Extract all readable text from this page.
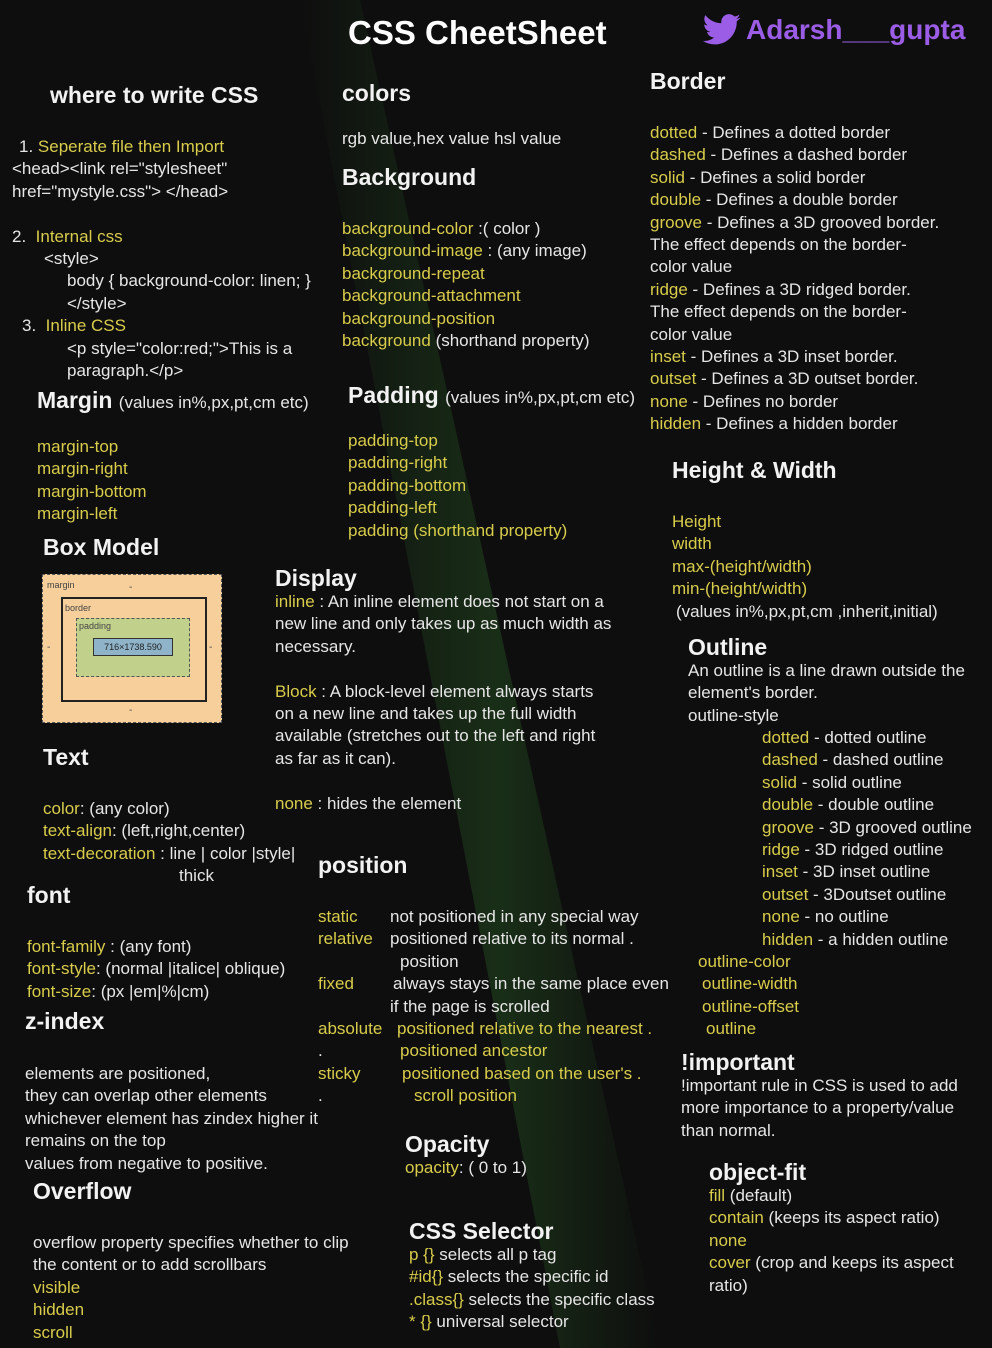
CSS CheetSheet	Adarsh___gupta
where to write CSS
1. Seperate file then Import
<head><link rel="stylesheet"
href="mystyle.css"> </head>
2. Internal css
<style>
body { background-color: linen; }
</style>
3. Inline CSS
<p style="color:red;">This is a
paragraph.</p>
Margin (values in%,px,pt,cm etc)
margin-top
margin-right
margin-bottom
margin-left
Box Model
margin	-
-	-
-
border
padding
716×1738.590
Text
color: (any color)
text-align: (left,right,center)
text-decoration : line | color |style|
thick
font
font-family : (any font)
font-style: (normal |italice| oblique)
font-size: (px |em|%|cm)
z-index
elements are positioned,
they can overlap other elements
whichever element has zindex higher it
remains on the top
values from negative to positive.
Overflow
overflow property specifies whether to clip
the content or to add scrollbars
visible
hidden
scroll
colors
rgb value,hex value hsl value
Background
background-color :( color )
background-image : (any image)
background-repeat
background-attachment
background-position
background (shorthand property)
Padding (values in%,px,pt,cm etc)
padding-top
padding-right
padding-bottom
padding-left
padding (shorthand property)
Display
inline : An inline element does not start on a
new line and only takes up as much width as
necessary.
Block : A block-level element always starts
on a new line and takes up the full width
available (stretches out to the left and right
as far as it can).
none : hides the element
position
static not positioned in any special way
relative positioned relative to its normal .
position
fixed always stays in the same place even
if the page is scrolled
absolute positioned relative to the nearest .
.	positioned ancestor
sticky positioned based on the user's .
.	scroll position
Opacity
opacity: ( 0 to 1)
CSS Selector
p {} selects all p tag
#id{} selects the specific id
.class{} selects the specific class
* {} universal selector
Border
dotted - Defines a dotted border
dashed - Defines a dashed border
solid - Defines a solid border
double - Defines a double border
groove - Defines a 3D grooved border.
The effect depends on the border-
color value
ridge - Defines a 3D ridged border.
The effect depends on the border-
color value
inset - Defines a 3D inset border.
outset - Defines a 3D outset border.
none - Defines no border
hidden - Defines a hidden border
Height & Width
Height
width
max-(height/width)
min-(height/width)
(values in%,px,pt,cm ,inherit,initial)
Outline
An outline is a line drawn outside the
element's border.
outline-style
dotted - dotted outline
dashed - dashed outline
solid - solid outline
double - double outline
groove - 3D grooved outline
ridge - 3D ridged outline
inset - 3D inset outline
outset - 3Doutset outline
none - no outline
hidden - a hidden outline
outline-color
outline-width
outline-offset
outline
!important
!important rule in CSS is used to add
more importance to a property/value
than normal.
object-fit
fill (default)
contain (keeps its aspect ratio)
none
cover (crop and keeps its aspect
ratio)
